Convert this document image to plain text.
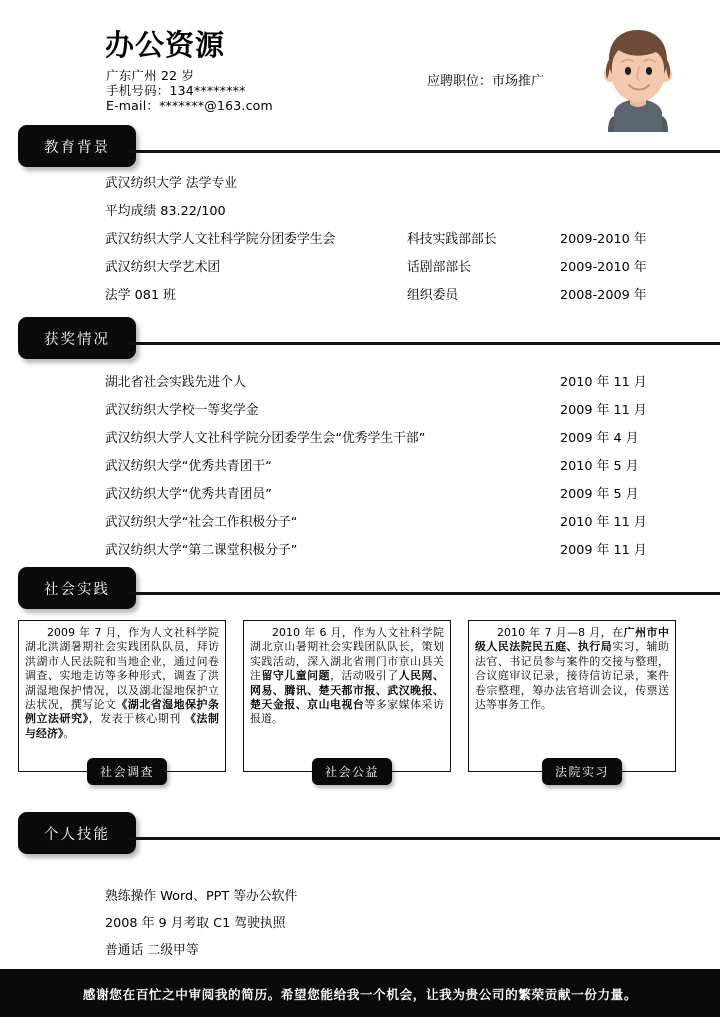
办公资源
广东广州 22 岁
手机号码：134********
E-mail：*******@163.com
应聘职位：市场推广
教育背景
武汉纺织大学 法学专业
平均成绩 83.22/100
武汉纺织大学人文社科学院分团委学生会	科技实践部部长	2009-2010 年
武汉纺织大学艺术团	话剧部部长	2009-2010 年
法学 081 班	组织委员	2008-2009 年
获奖情况
湖北省社会实践先进个人	2010 年 11 月
武汉纺织大学校一等奖学金	2009 年 11 月
武汉纺织大学人文社科学院分团委学生会“优秀学生干部”	2009 年 4 月
武汉纺织大学“优秀共青团干“	2010 年 5 月
武汉纺织大学“优秀共青团员”	2009 年 5 月
武汉纺织大学“社会工作积极分子“	2010 年 11 月
武汉纺织大学“第二课堂积极分子”	2009 年 11 月
社会实践
2009 年 7 月，作为人文社科学院湖北洪湖暑期社会实践团队队员，拜访洪湖市人民法院和当地企业，通过问卷调查、实地走访等多种形式，调查了洪湖湿地保护情况，以及湖北湿地保护立法状况，撰写论文《湖北省湿地保护条例立法研究》，发表于核心期刊 《法制与经济》。
2010 年 6 月，作为人文社科学院湖北京山暑期社会实践团队队长，策划实践活动，深入湖北省荆门市京山县关注留守儿童问题，活动吸引了人民网、网易、腾讯、楚天都市报、武汉晚报、楚天金报、京山电视台等多家媒体采访报道。
2010 年 7 月—8 月，在广州市中级人民法院民五庭、执行局实习，辅助法官、书记员参与案件的交接与整理，合议庭审议记录，接待信访记录，案件卷宗整理，筹办法官培训会议，传票送达等事务工作。
社会调查	社会公益	法院实习
个人技能
熟练操作 Word、PPT 等办公软件
2008 年 9 月考取 C1 驾驶执照
普通话 二级甲等
感谢您在百忙之中审阅我的简历。希望您能给我一个机会，让我为贵公司的繁荣贡献一份力量。
